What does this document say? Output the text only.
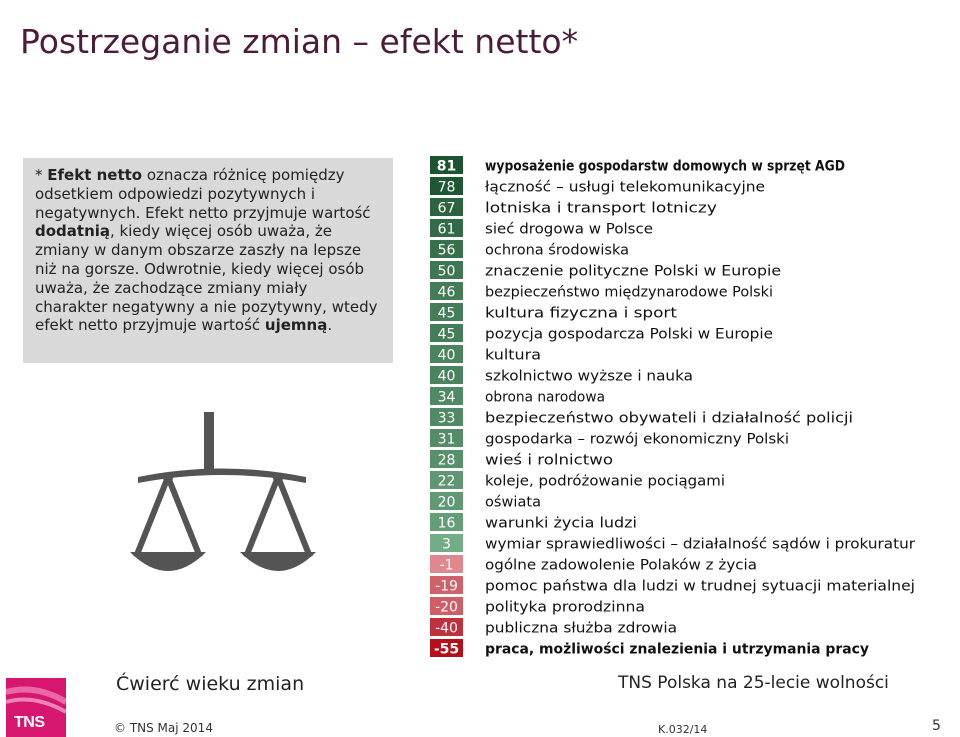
Postrzeganie zmian – efekt netto*
* Efekt netto oznacza różnicę pomiędzy odsetkiem odpowiedzi pozytywnych i negatywnych. Efekt netto przyjmuje wartość dodatnią, kiedy więcej osób uważa, że zmiany w danym obszarze zaszły na lepsze niż na gorsze. Odwrotnie, kiedy więcej osób uważa, że zachodzące zmiany miały charakter negatywny a nie pozytywny, wtedy efekt netto przyjmuje wartość ujemną.
81 wyposażenie gospodarstw domowych w sprzęt AGD
78 łączność – usługi telekomunikacyjne
67 lotniska i transport lotniczy
61 sieć drogowa w Polsce
56 ochrona środowiska
50 znaczenie polityczne Polski w Europie
46 bezpieczeństwo międzynarodowe Polski
45 kultura fizyczna i sport
45 pozycja gospodarcza Polski w Europie
40 kultura
40 szkolnictwo wyższe i nauka
34 obrona narodowa
33 bezpieczeństwo obywateli i działalność policji
31 gospodarka – rozwój ekonomiczny Polski
28 wieś i rolnictwo
22 koleje, podróżowanie pociągami
20 oświata
16 warunki życia ludzi
3 wymiar sprawiedliwości – działalność sądów i prokuratur
-1 ogólne zadowolenie Polaków z życia
-19 pomoc państwa dla ludzi w trudnej sytuacji materialnej
-20 polityka prorodzinna
-40 publiczna służba zdrowia
-55 praca, możliwości znalezienia i utrzymania pracy
Ćwierć wieku zmian	TNS Polska na 25-lecie wolności
TNS	© TNS Maj 2014	K.032/14	5
